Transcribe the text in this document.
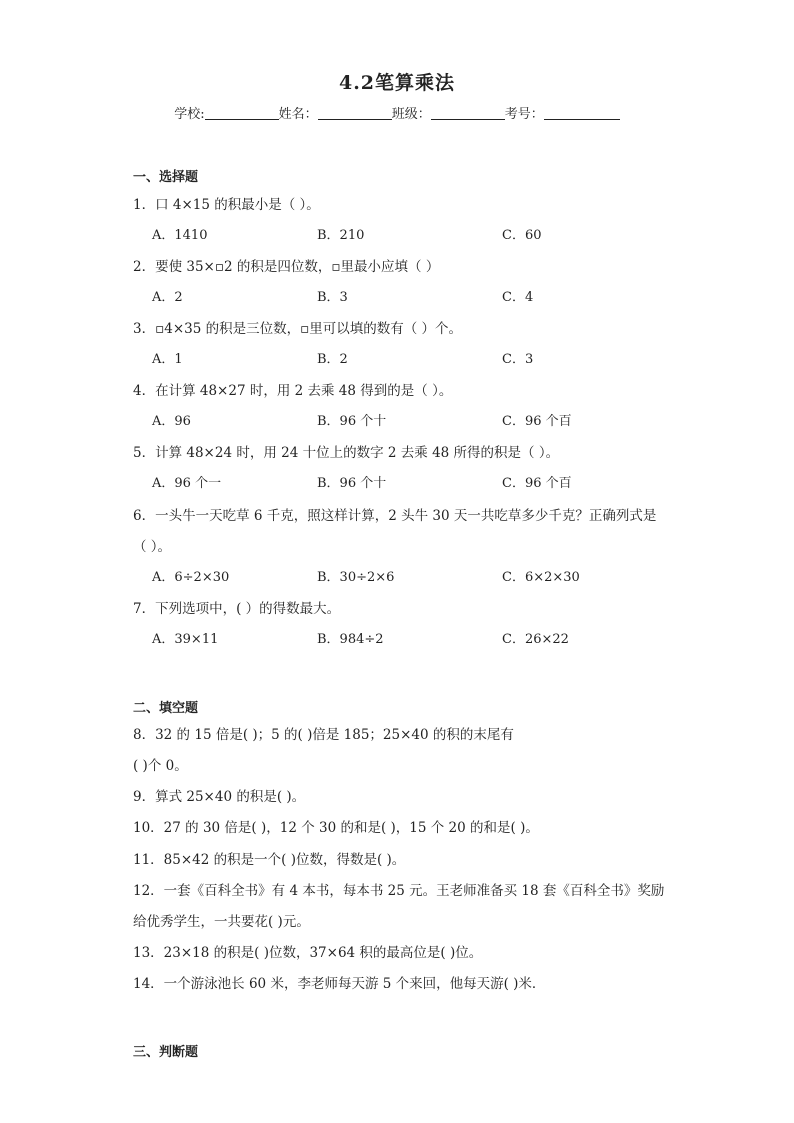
4.2笔算乘法
学校:	姓名：	班级：	考号：
一、选择题
1．口 4×15 的积最小是（ ）。
A．1410	B．210	C．60
2．要使 35×▫2 的积是四位数，▫里最小应填（ ）
A．2	B．3	C．4
3．▫4×35 的积是三位数，▫里可以填的数有（ ）个。
A．1	B．2	C．3
4．在计算 48×27 时，用 2 去乘 48 得到的是（ ）。
A．96	B．96 个十	C．96 个百
5．计算 48×24 时，用 24 十位上的数字 2 去乘 48 所得的积是（ ）。
A．96 个一	B．96 个十	C．96 个百
6．一头牛一天吃草 6 千克，照这样计算，2 头牛 30 天一共吃草多少千克？正确列式是
（ ）。
A．6÷2×30	B．30÷2×6	C．6×2×30
7．下列选项中，( ）的得数最大。
A．39×11	B．984÷2	C．26×22
二、填空题
8．32 的 15 倍是( )；5 的( )倍是 185；25×40 的积的末尾有
( )个 0。
9．算式 25×40 的积是( )。
10．27 的 30 倍是( )，12 个 30 的和是( )，15 个 20 的和是( )。
11．85×42 的积是一个( )位数，得数是( )。
12．一套《百科全书》有 4 本书，每本书 25 元。王老师准备买 18 套《百科全书》奖励
给优秀学生，一共要花( )元。
13．23×18 的积是( )位数，37×64 积的最高位是( )位。
14．一个游泳池长 60 米，李老师每天游 5 个来回，他每天游( )米．
三、判断题
